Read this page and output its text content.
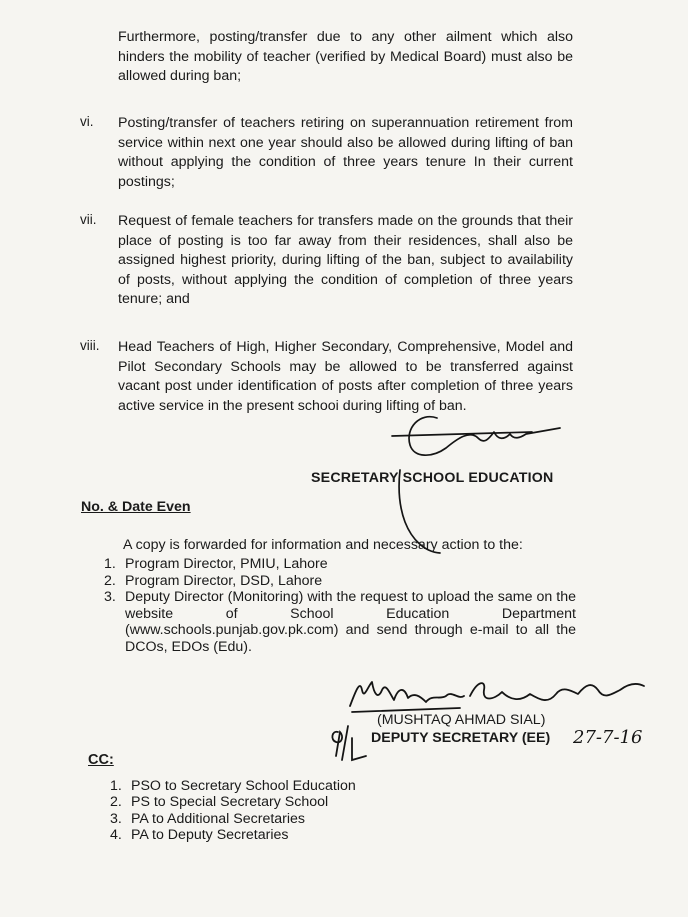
Furthermore, posting/transfer due to any other ailment which also hinders the mobility of teacher (verified by Medical Board) must also be allowed during ban;
vi. Posting/transfer of teachers retiring on superannuation retirement from service within next one year should also be allowed during lifting of ban without applying the condition of three years tenure In their current postings;
vii. Request of female teachers for transfers made on the grounds that their place of posting is too far away from their residences, shall also be assigned highest priority, during lifting of the ban, subject to availability of posts, without applying the condition of completion of three years tenure; and
viii. Head Teachers of High, Higher Secondary, Comprehensive, Model and Pilot Secondary Schools may be allowed to be transferred against vacant post under identification of posts after completion of three years active service in the present schooi during lifting of ban.
SECRETARY SCHOOL EDUCATION
No. & Date Even
A copy is forwarded for information and necessary action to the:
1. Program Director, PMIU, Lahore
2. Program Director, DSD, Lahore
3. Deputy Director (Monitoring) with the request to upload the same on the website of School Education Department (www.schools.punjab.gov.pk.com) and send through e-mail to all the DCOs, EDOs (Edu).
(MUSHTAQ AHMAD SIAL)
DEPUTY SECRETARY (EE)
CC:
1. PSO to Secretary School Education
2. PS to Special Secretary School
3. PA to Additional Secretaries
4. PA to Deputy Secretaries
27-7-16
